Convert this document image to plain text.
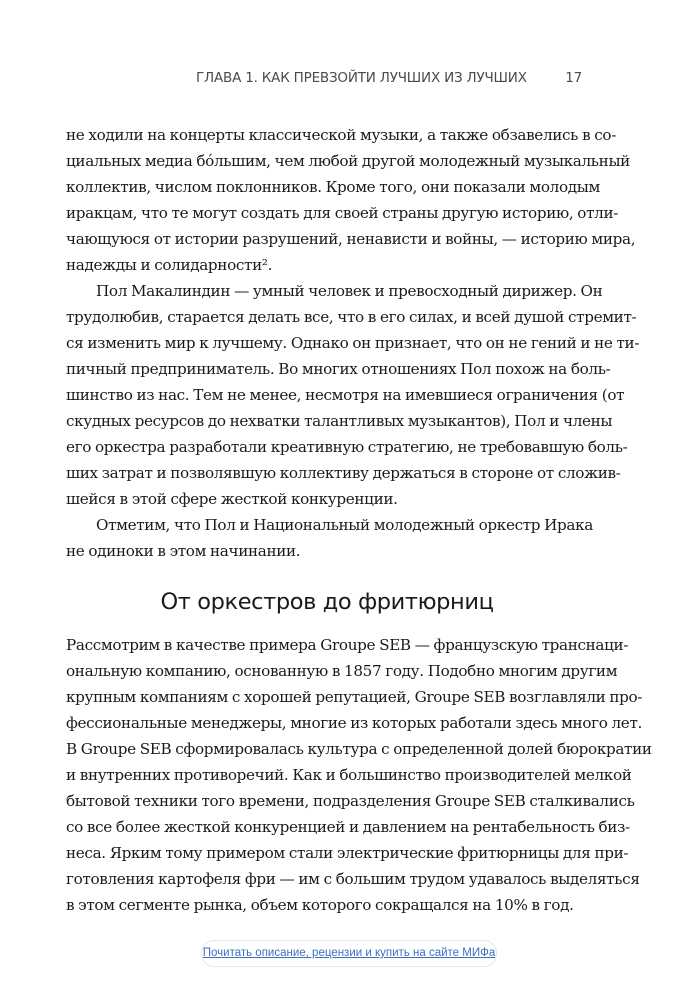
ГЛАВА 1. КАК ПРЕВЗОЙТИ ЛУЧШИХ ИЗ ЛУЧШИХ	17
не ходили на концерты классической музыки, а также обзавелись в со-
циальных медиа бóльшим, чем любой другой молодежный музыкальный
коллектив, числом поклонников. Кроме того, они показали молодым
иракцам, что те могут создать для своей страны другую историю, отли-
чающуюся от истории разрушений, ненависти и войны, — историю мира,
надежды и солидарности².
Пол Макалиндин — умный человек и превосходный дирижер. Он
трудолюбив, старается делать все, что в его силах, и всей душой стремит-
ся изменить мир к лучшему. Однако он признает, что он не гений и не ти-
пичный предприниматель. Во многих отношениях Пол похож на боль-
шинство из нас. Тем не менее, несмотря на имевшиеся ограничения (от
скудных ресурсов до нехватки талантливых музыкантов), Пол и члены
его оркестра разработали креативную стратегию, не требовавшую боль-
ших затрат и позволявшую коллективу держаться в стороне от сложив-
шейся в этой сфере жесткой конкуренции.
Отметим, что Пол и Национальный молодежный оркестр Ирака
не одиноки в этом начинании.
От оркестров до фритюрниц
Рассмотрим в качестве примера Groupe SEB — французскую транснаци-
ональную компанию, основанную в 1857 году. Подобно многим другим
крупным компаниям с хорошей репутацией, Groupe SEB возглавляли про-
фессиональные менеджеры, многие из которых работали здесь много лет.
В Groupe SEB сформировалась культура с определенной долей бюрократии
и внутренних противоречий. Как и большинство производителей мелкой
бытовой техники того времени, подразделения Groupe SEB сталкивались
со все более жесткой конкуренцией и давлением на рентабельность биз-
неса. Ярким тому примером стали электрические фритюрницы для при-
готовления картофеля фри — им с большим трудом удавалось выделяться
в этом сегменте рынка, объем которого сокращался на 10% в год.
Почитать описание, рецензии и купить на сайте МИФа
